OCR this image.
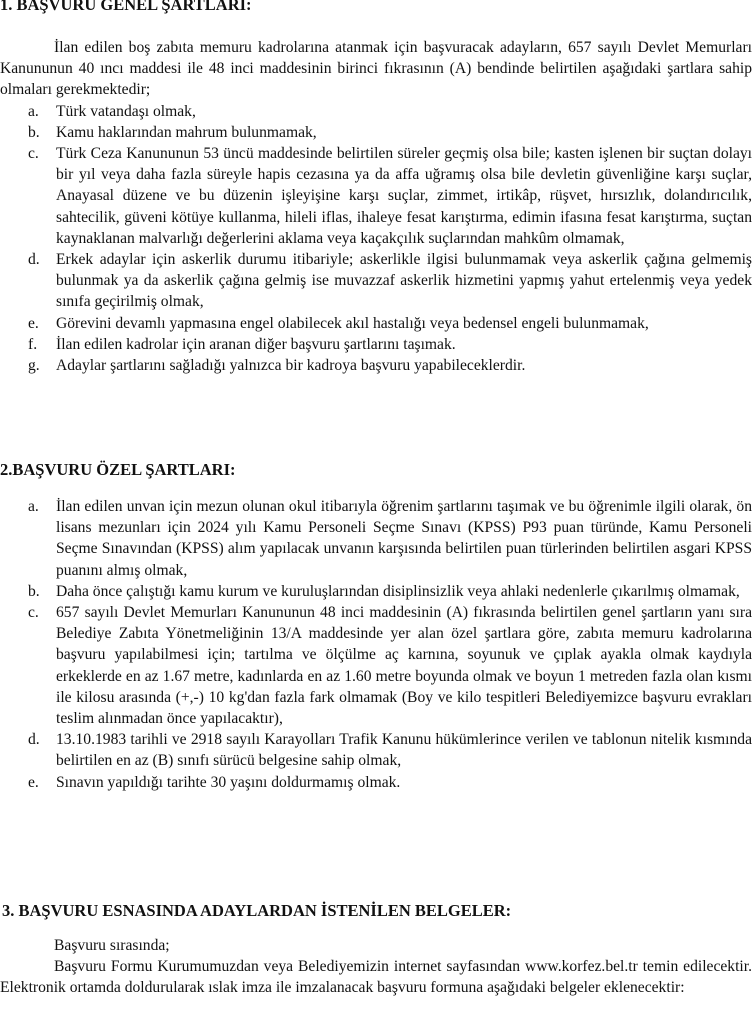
1. BAŞVURU GENEL ŞARTLARI:

İlan edilen boş zabıta memuru kadrolarına atanmak için başvuracak adayların, 657 sayılı Devlet Memurları Kanununun 40 ıncı maddesi ile 48 inci maddesinin birinci fıkrasının (A) bendinde belirtilen aşağıdaki şartlara sahip olmaları gerekmektedir;

a. Türk vatandaşı olmak,
b. Kamu haklarından mahrum bulunmamak,
c. Türk Ceza Kanununun 53 üncü maddesinde belirtilen süreler geçmiş olsa bile; kasten işlenen bir suçtan dolayı bir yıl veya daha fazla süreyle hapis cezasına ya da affa uğramış olsa bile devletin güvenliğine karşı suçlar, Anayasal düzene ve bu düzenin işleyişine karşı suçlar, zimmet, irtikâp, rüşvet, hırsızlık, dolandırıcılık, sahtecilik, güveni kötüye kullanma, hileli iflas, ihaleye fesat karıştırma, edimin ifasına fesat karıştırma, suçtan kaynaklanan malvarlığı değerlerini aklama veya kaçakçılık suçlarından mahkûm olmamak,
d. Erkek adaylar için askerlik durumu itibariyle; askerlikle ilgisi bulunmamak veya askerlik çağına gelmemiş bulunmak ya da askerlik çağına gelmiş ise muvazzaf askerlik hizmetini yapmış yahut ertelenmiş veya yedek sınıfa geçirilmiş olmak,
e. Görevini devamlı yapmasına engel olabilecek akıl hastalığı veya bedensel engeli bulunmamak,
f. İlan edilen kadrolar için aranan diğer başvuru şartlarını taşımak.
g. Adaylar şartlarını sağladığı yalnızca bir kadroya başvuru yapabileceklerdir.
2.BAŞVURU ÖZEL ŞARTLARI:
a. İlan edilen unvan için mezun olunan okul itibarıyla öğrenim şartlarını taşımak ve bu öğrenimle ilgili olarak, ön lisans mezunları için 2024 yılı Kamu Personeli Seçme Sınavı (KPSS) P93 puan türünde, Kamu Personeli Seçme Sınavından (KPSS) alım yapılacak unvanın karşısında belirtilen puan türlerinden belirtilen asgari KPSS puanını almış olmak,
b. Daha önce çalıştığı kamu kurum ve kuruluşlarından disiplinsizlik veya ahlaki nedenlerle çıkarılmış olmamak,
c. 657 sayılı Devlet Memurları Kanununun 48 inci maddesinin (A) fıkrasında belirtilen genel şartların yanı sıra Belediye Zabıta Yönetmeliğinin 13/A maddesinde yer alan özel şartlara göre, zabıta memuru kadrolarına başvuru yapılabilmesi için; tartılma ve ölçülme aç karnına, soyunuk ve çıplak ayakla olmak kaydıyla erkeklerde en az 1.67 metre, kadınlarda en az 1.60 metre boyunda olmak ve boyun 1 metreden fazla olan kısmı ile kilosu arasında (+,-) 10 kg'dan fazla fark olmamak (Boy ve kilo tespitleri Belediyemizce başvuru evrakları teslim alınmadan önce yapılacaktır),
d. 13.10.1983 tarihli ve 2918 sayılı Karayolları Trafik Kanunu hükümlerince verilen ve tablonun nitelik kısmında belirtilen en az (B) sınıfı sürücü belgesine sahip olmak,
e. Sınavın yapıldığı tarihte 30 yaşını doldurmamış olmak.
3. BAŞVURU ESNASINDA ADAYLARDAN İSTENİLEN BELGELER:

Başvuru sırasında;

Başvuru Formu Kurumumuzdan veya Belediyemizin internet sayfasından www.korfez.bel.tr temin edilecektir. Elektronik ortamda doldurularak ıslak imza ile imzalanacak başvuru formuna aşağıdaki belgeler eklenecektir:
